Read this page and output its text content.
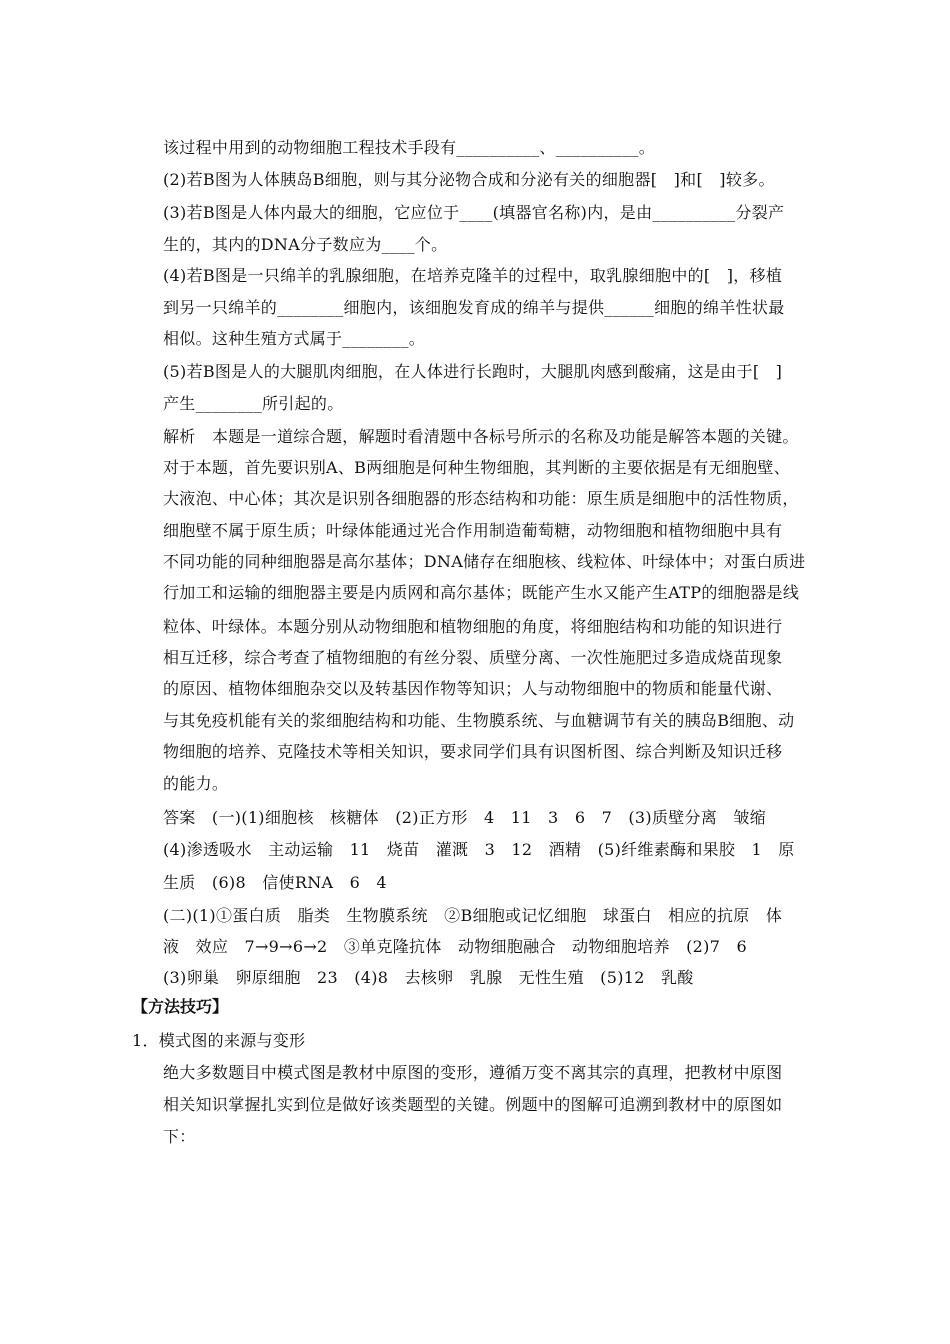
该过程中用到的动物细胞工程技术手段有__________、__________。
(2)若B图为人体胰岛B细胞，则与其分泌物合成和分泌有关的细胞器[　]和[　]较多。
(3)若B图是人体内最大的细胞，它应位于____(填器官名称)内，是由__________分裂产
生的，其内的DNA分子数应为____个。
(4)若B图是一只绵羊的乳腺细胞，在培养克隆羊的过程中，取乳腺细胞中的[　]，移植
到另一只绵羊的________细胞内，该细胞发育成的绵羊与提供______细胞的绵羊性状最
相似。这种生殖方式属于________。
(5)若B图是人的大腿肌肉细胞，在人体进行长跑时，大腿肌肉感到酸痛，这是由于[　]
产生________所引起的。
解析　本题是一道综合题，解题时看清题中各标号所示的名称及功能是解答本题的关键。
对于本题，首先要识别A、B两细胞是何种生物细胞，其判断的主要依据是有无细胞壁、
大液泡、中心体；其次是识别各细胞器的形态结构和功能：原生质是细胞中的活性物质，
细胞壁不属于原生质；叶绿体能通过光合作用制造葡萄糖，动物细胞和植物细胞中具有
不同功能的同种细胞器是高尔基体；DNA储存在细胞核、线粒体、叶绿体中；对蛋白质进
行加工和运输的细胞器主要是内质网和高尔基体；既能产生水又能产生ATP的细胞器是线
粒体、叶绿体。本题分别从动物细胞和植物细胞的角度，将细胞结构和功能的知识进行
相互迁移，综合考查了植物细胞的有丝分裂、质壁分离、一次性施肥过多造成烧苗现象
的原因、植物体细胞杂交以及转基因作物等知识；人与动物细胞中的物质和能量代谢、
与其免疫机能有关的浆细胞结构和功能、生物膜系统、与血糖调节有关的胰岛B细胞、动
物细胞的培养、克隆技术等相关知识，要求同学们具有识图析图、综合判断及知识迁移
的能力。
答案　(一)(1)细胞核　核糖体　(2)正方形　4　11　3　6　7　(3)质壁分离　皱缩
(4)渗透吸水　主动运输　11　烧苗　灌溉　3　12　酒精　(5)纤维素酶和果胶　1　原
生质　(6)8　信使RNA　6　4
(二)(1)①蛋白质　脂类　生物膜系统　②B细胞或记忆细胞　球蛋白　相应的抗原　体
液　效应　7→9→6→2　③单克隆抗体　动物细胞融合　动物细胞培养　(2)7　6
(3)卵巢　卵原细胞　23　(4)8　去核卵　乳腺　无性生殖　(5)12　乳酸
【方法技巧】
1．模式图的来源与变形
绝大多数题目中模式图是教材中原图的变形，遵循万变不离其宗的真理，把教材中原图
相关知识掌握扎实到位是做好该类题型的关键。例题中的图解可追溯到教材中的原图如
下：
